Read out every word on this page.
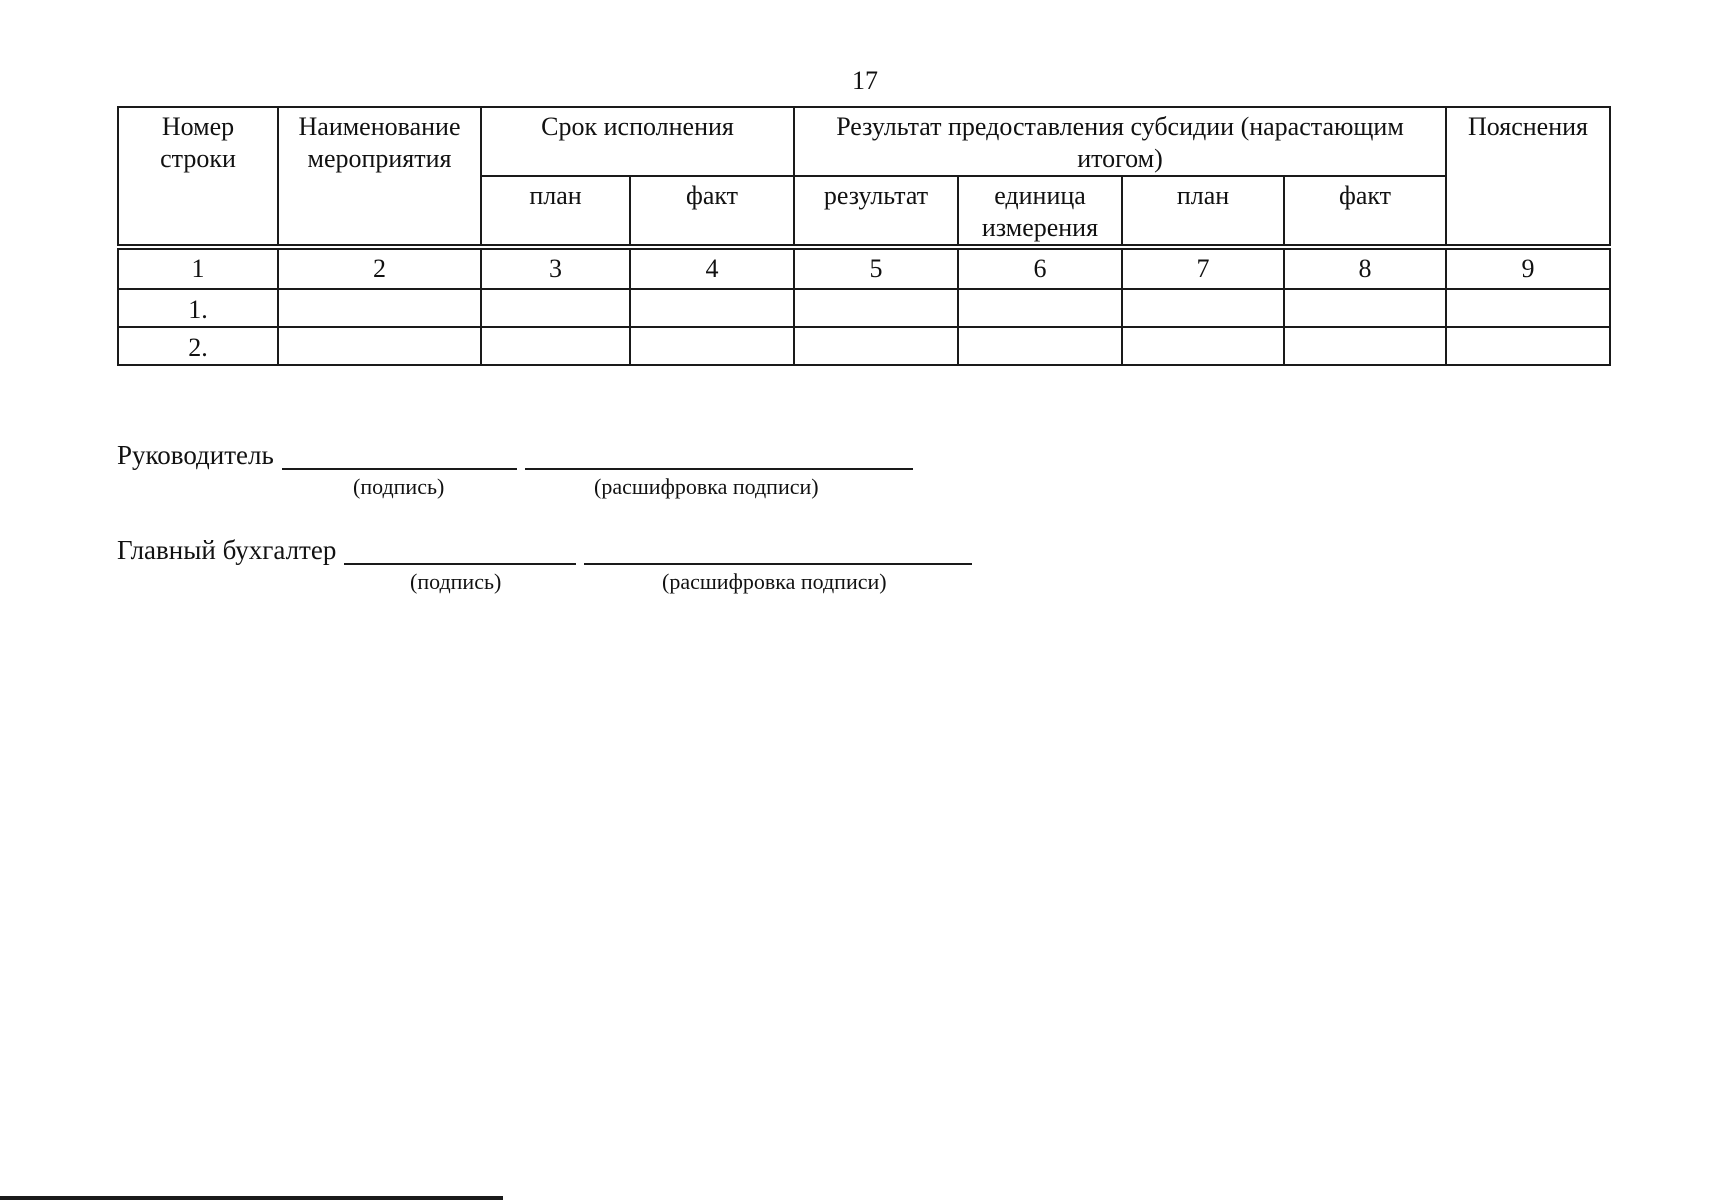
17
Номер строки	Наименование мероприятия	Срок исполнения		Результат предоставления субсидии (нарастающим итогом)				Пояснения
		план	факт	результат	единица измерения	план	факт	
1	2	3	4	5	6	7	8	9
1.								
2.								
Руководитель
(подпись)	(расшифровка подписи)
Главный бухгалтер
(подпись)	(расшифровка подписи)
